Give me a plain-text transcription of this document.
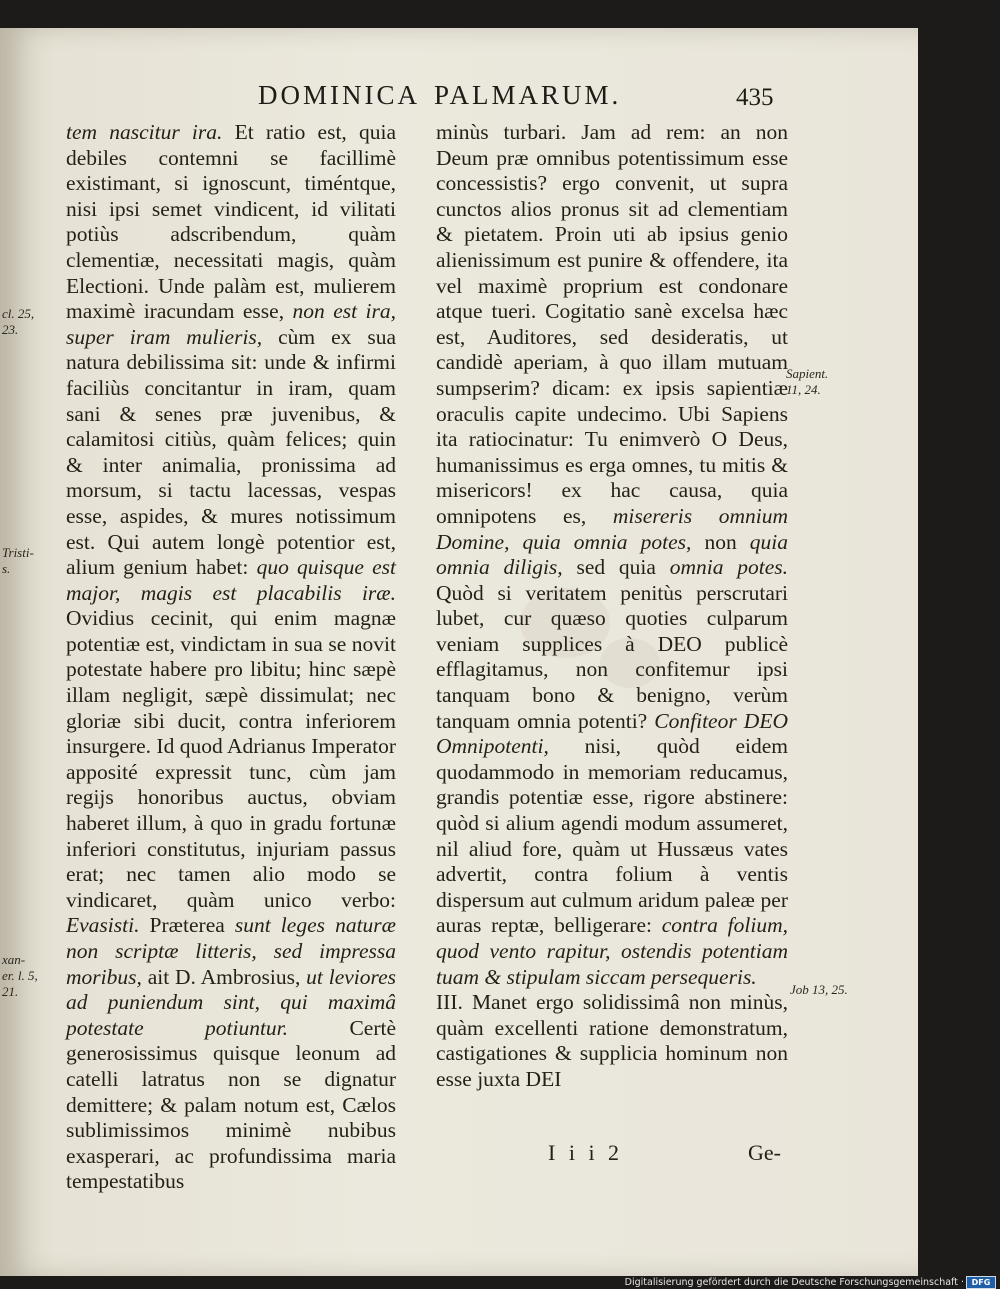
DOMINICA PALMARUM.	435

tem nascitur ira. Et ratio est, quia debiles contemni se facillimè existimant, si ignoscunt, timéntque, nisi ipsi semet vindicent, id vilitati potiùs adscribendum, quàm clementiæ, necessitati magis, quàm Electioni. Unde palàm est, mulierem maximè iracundam esse, non est ira, super iram mulieris, cùm ex sua natura debilissima sit: unde & infirmi faciliùs concitantur in iram, quam sani & senes præ juvenibus, & calamitosi citiùs, quàm felices; quin & inter animalia, pronissima ad morsum, si tactu lacessas, vespas esse, aspides, & mures notissimum est. Qui autem longè potentior est, alium genium habet: quo quisque est major, magis est placabilis iræ. Ovidius cecinit, qui enim magnæ potentiæ est, vindictam in sua se novit potestate habere pro libitu; hinc sæpè illam negligit, sæpè dissimulat; nec gloriæ sibi ducit, contra inferiorem insurgere. Id quod Adrianus Imperator apposité expressit tunc, cùm jam regijs honoribus auctus, obviam haberet illum, à quo in gradu fortunæ inferiori constitutus, injuriam passus erat; nec tamen alio modo se vindicaret, quàm unico verbo: Evasisti. Præterea sunt leges naturæ non scriptæ litteris, sed impressa moribus, ait D. Ambrosius, ut leviores ad puniendum sint, qui maximâ potestate potiuntur. Certè generosissimus quisque leonum ad catelli latratus non se dignatur demittere; & palam notum est, Cælos sublimissimos minimè nubibus exasperari, ac profundissima maria tempestatibus

minùs turbari. Jam ad rem: an non Deum præ omnibus potentissimum esse concessistis? ergo convenit, ut supra cunctos alios pronus sit ad clementiam & pietatem. Proin uti ab ipsius genio alienissimum est punire & offendere, ita vel maximè proprium est condonare atque tueri. Cogitatio sanè excelsa hæc est, Auditores, sed desideratis, ut candidè aperiam, à quo illam mutuam sumpserim? dicam: ex ipsis sapientiæ oraculis capite undecimo. Ubi Sapiens ita ratiocinatur: Tu enimverò O Deus, humanissimus es erga omnes, tu mitis & misericors! ex hac causa, quia omnipotens es, misereris omnium Domine, quia omnia potes, non quia omnia diligis, sed quia omnia potes. Quòd si veritatem penitùs perscrutari lubet, cur quæso quoties culparum veniam supplices à DEO publicè efflagitamus, non confitemur ipsi tanquam bono & benigno, verùm tanquam omnia potenti? Confiteor DEO Omnipotenti, nisi, quòd eidem quodammodo in memoriam reducamus, grandis potentiæ esse, rigore abstinere: quòd si alium agendi modum assumeret, nil aliud fore, quàm ut Hussæus vates advertit, contra folium à ventis dispersum aut culmum aridum paleæ per auras reptæ, belligerare: contra folium, quod vento rapitur, ostendis potentiam tuam & stipulam siccam persequeris.

III. Manet ergo solidissimâ non minùs, quàm excellenti ratione demonstratum, castigationes & supplicia hominum non esse juxta DEI

cl. 25,
23.
Tristi-
s.
xan-
er. l. 5,
21.
Sapient.
11, 24.
Job 13, 25.
I i i 2	Ge-
Digitalisierung gefördert durch die Deutsche Forschungsgemeinschaft · DFG
